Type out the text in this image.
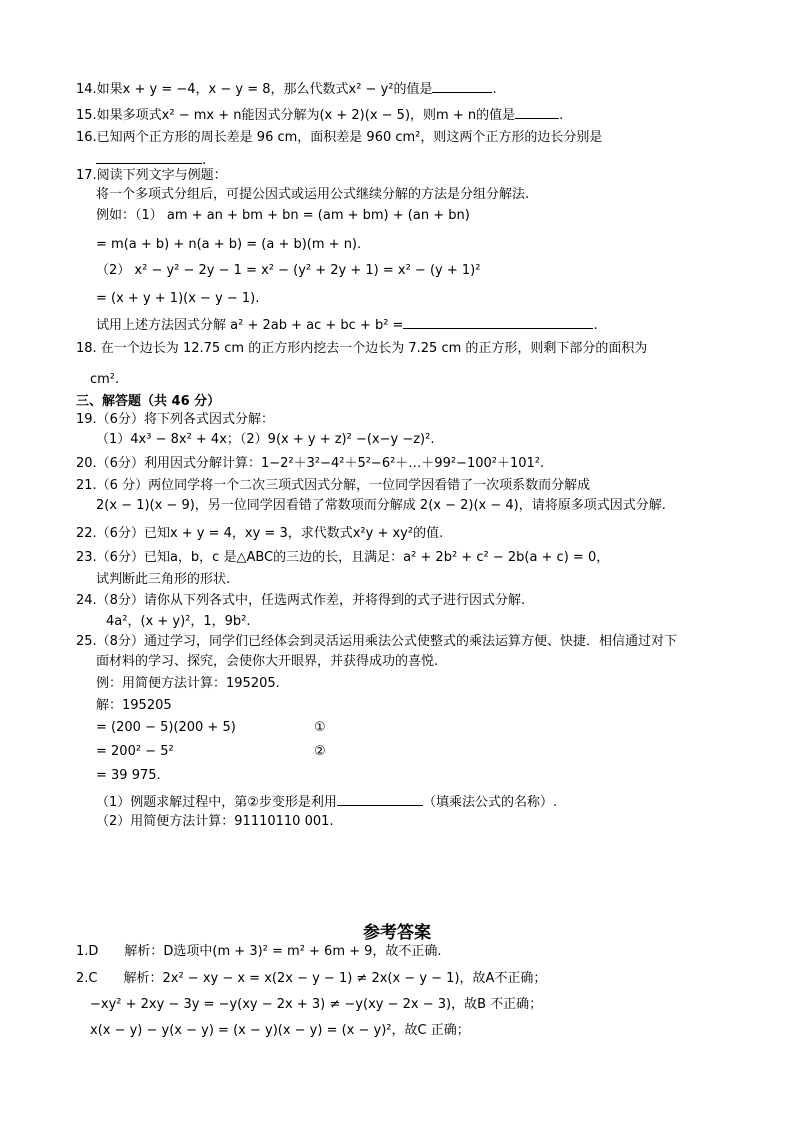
14.如果x + y = −4，x − y = 8，那么代数式x² − y²的值是	.
15.如果多项式x² − mx + n能因式分解为(x + 2)(x − 5)，则m + n的值是	.
16.已知两个正方形的周长差是 96 cm，面积差是 960 cm²，则这两个正方形的边长分别是
.
17.阅读下列文字与例题：
将一个多项式分组后，可提公因式或运用公式继续分解的方法是分组分解法.
例如：（1） am + an + bm + bn = (am + bm) + (an + bn)
= m(a + b) + n(a + b) = (a + b)(m + n).
（2） x² − y² − 2y − 1 = x² − (y² + 2y + 1) = x² − (y + 1)²
= (x + y + 1)(x − y − 1).
试用上述方法因式分解 a² + 2ab + ac + bc + b² =	.
18. 在一个边长为 12.75 cm 的正方形内挖去一个边长为 7.25 cm 的正方形，则剩下部分的面积为
cm².
三、解答题（共 46 分）
19.（6分）将下列各式因式分解：
（1）4x³ − 8x² + 4x；（2）9(x + y + z)² −(x−y −z)².
20.（6分）利用因式分解计算：1−2²＋3²−4²＋5²−6²＋…＋99²−100²＋101².
21.（6 分）两位同学将一个二次三项式因式分解，一位同学因看错了一次项系数而分解成
2(x − 1)(x − 9)，另一位同学因看错了常数项而分解成 2(x − 2)(x − 4)，请将原多项式因式分解.
22.（6分）已知x + y = 4，xy = 3，求代数式x²y + xy²的值.
23.（6分）已知a，b，c 是△ABC的三边的长，且满足：a² + 2b² + c² − 2b(a + c) = 0，
试判断此三角形的形状.
24.（8分）请你从下列各式中，任选两式作差，并将得到的式子进行因式分解.
4a²，(x + y)²，1，9b².
25.（8分）通过学习，同学们已经体会到灵活运用乘法公式使整式的乘法运算方便、快捷．相信通过对下
面材料的学习、探究，会使你大开眼界，并获得成功的喜悦.
例：用简便方法计算：195205.
解：195205
= (200 − 5)(200 + 5)	①
= 200² − 5²	②
= 39 975.
（1）例题求解过程中，第②步变形是利用	（填乘法公式的名称）.
（2）用简便方法计算：91110110 001.
参考答案
1.D　　解析：D选项中(m + 3)² = m² + 6m + 9，故不正确.
2.C　　解析：2x² − xy − x = x(2x − y − 1) ≠ 2x(x − y − 1)，故A不正确；
−xy² + 2xy − 3y = −y(xy − 2x + 3) ≠ −y(xy − 2x − 3)，故B 不正确；
x(x − y) − y(x − y) = (x − y)(x − y) = (x − y)²，故C 正确；
